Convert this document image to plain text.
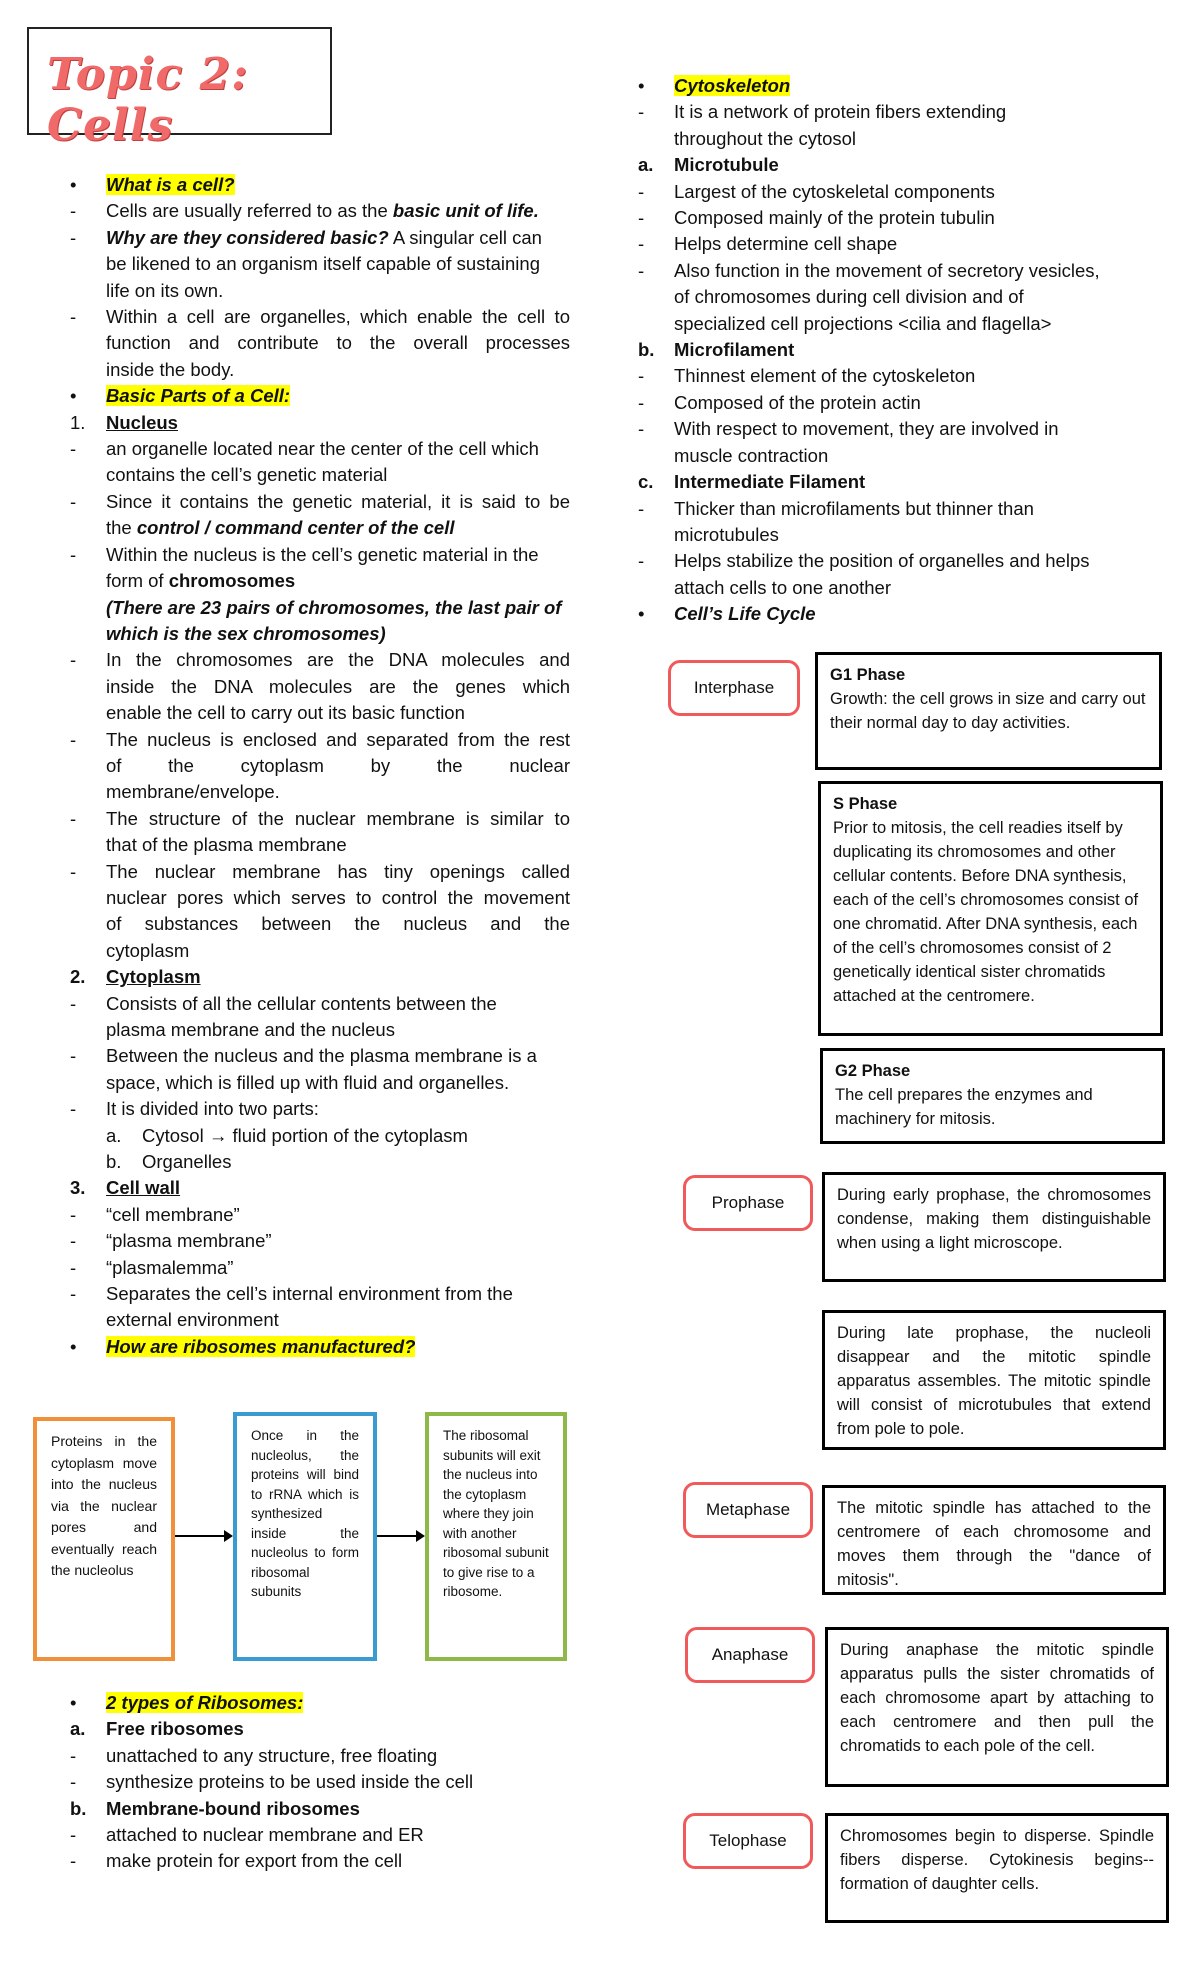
Topic 2: Cells
• What is a cell?
- Cells are usually referred to as the basic unit of life.
- Why are they considered basic? A singular cell can
be likened to an organism itself capable of sustaining
life on its own.
- Within a cell are organelles, which enable the cell to
function and contribute to the overall processes
inside the body.
• Basic Parts of a Cell:
1. Nucleus
- an organelle located near the center of the cell which
contains the cell’s genetic material
- Since it contains the genetic material, it is said to be
the control / command center of the cell
- Within the nucleus is the cell’s genetic material in the
form of chromosomes
(There are 23 pairs of chromosomes, the last pair of
which is the sex chromosomes)
- In the chromosomes are the DNA molecules and
inside the DNA molecules are the genes which
enable the cell to carry out its basic function
- The nucleus is enclosed and separated from the rest
of the cytoplasm by the nuclear
membrane/envelope.
- The structure of the nuclear membrane is similar to
that of the plasma membrane
- The nuclear membrane has tiny openings called
nuclear pores which serves to control the movement
of substances between the nucleus and the
cytoplasm
2. Cytoplasm
- Consists of all the cellular contents between the
plasma membrane and the nucleus
- Between the nucleus and the plasma membrane is a
space, which is filled up with fluid and organelles.
- It is divided into two parts:
a. Cytosol → fluid portion of the cytoplasm
b. Organelles
3. Cell wall
- “cell membrane”
- “plasma membrane”
- “plasmalemma”
- Separates the cell’s internal environment from the
external environment
• How are ribosomes manufactured?
Proteins in the cytoplasm move into the nucleus via the nuclear pores and eventually reach the nucleolus
Once in the nucleolus, the proteins will bind to rRNA which is synthesized inside the nucleolus to form ribosomal subunits
The ribosomal subunits will exit the nucleus into the cytoplasm where they join with another ribosomal subunit to give rise to a ribosome.
• 2 types of Ribosomes:
a. Free ribosomes
- unattached to any structure, free floating
- synthesize proteins to be used inside the cell
b. Membrane-bound ribosomes
- attached to nuclear membrane and ER
- make protein for export from the cell
• Cytoskeleton
- It is a network of protein fibers extending
throughout the cytosol
a. Microtubule
- Largest of the cytoskeletal components
- Composed mainly of the protein tubulin
- Helps determine cell shape
- Also function in the movement of secretory vesicles,
of chromosomes during cell division and of
specialized cell projections <cilia and flagella>
b. Microfilament
- Thinnest element of the cytoskeleton
- Composed of the protein actin
- With respect to movement, they are involved in
muscle contraction
c. Intermediate Filament
- Thicker than microfilaments but thinner than
microtubules
- Helps stabilize the position of organelles and helps
attach cells to one another
• Cell’s Life Cycle
Interphase
G1 Phase
Growth: the cell grows in size and carry out their normal day to day activities.
S Phase
Prior to mitosis, the cell readies itself by duplicating its chromosomes and other cellular contents. Before DNA synthesis, each of the cell’s chromosomes consist of one chromatid. After DNA synthesis, each of the cell’s chromosomes consist of 2 genetically identical sister chromatids attached at the centromere.
G2 Phase
The cell prepares the enzymes and machinery for mitosis.
Prophase	During early prophase, the chromosomes condense, making them distinguishable when using a light microscope.
During late prophase, the nucleoli disappear and the mitotic spindle apparatus assembles. The mitotic spindle will consist of microtubules that extend from pole to pole.
Metaphase	The mitotic spindle has attached to the centromere of each chromosome and moves them through the "dance of mitosis".
Anaphase	During anaphase the mitotic spindle apparatus pulls the sister chromatids of each chromosome apart by attaching to each centromere and then pull the chromatids to each pole of the cell.
Telophase	Chromosomes begin to disperse. Spindle fibers disperse. Cytokinesis begins--formation of daughter cells.
